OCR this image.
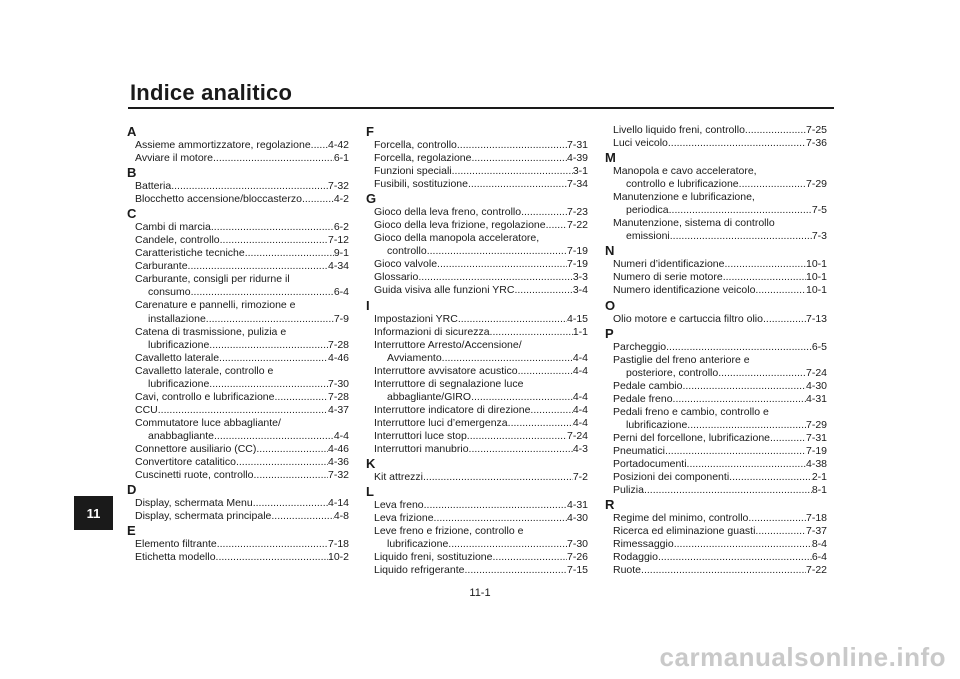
Indice analitico
11
A
Assieme ammortizzatore, regolazione ..... 4-42
Avviare il motore .....	6-1
B
Batteria .....	7-32
Blocchetto accensione/bloccasterzo .....	4-2
C
Cambi di marcia .....	6-2
Candele, controllo .....	7-12
Caratteristiche tecniche .....	9-1
Carburante .....	4-34
Carburante, consigli per ridurne il
consumo .....	6-4
Carenature e pannelli, rimozione e
installazione .....	7-9
Catena di trasmissione, pulizia e
lubrificazione .....	7-28
Cavalletto laterale .....	4-46
Cavalletto laterale, controllo e
lubrificazione .....	7-30
Cavi, controllo e lubrificazione .....	7-28
CCU .....	4-37
Commutatore luce abbagliante/
anabbagliante .....	4-4
Connettore ausiliario (CC) .....	4-46
Convertitore catalitico .....	4-36
Cuscinetti ruote, controllo .....	7-32
D
Display, schermata Menu .....	4-14
Display, schermata principale .....	4-8
E
Elemento filtrante .....	7-18
Etichetta modello .....	10-2
F
Forcella, controllo .....	7-31
Forcella, regolazione .....	4-39
Funzioni speciali .....	3-1
Fusibili, sostituzione .....	7-34
G
Gioco della leva freno, controllo .....	7-23
Gioco della leva frizione, regolazione ..... 7-22
Gioco della manopola acceleratore,
controllo .....	7-19
Gioco valvole .....	7-19
Glossario .....	3-3
Guida visiva alle funzioni YRC .....	3-4
I
Impostazioni YRC .....	4-15
Informazioni di sicurezza .....	1-1
Interruttore Arresto/Accensione/
Avviamento .....	4-4
Interruttore avvisatore acustico .....	4-4
Interruttore di segnalazione luce
abbagliante/GIRO .....	4-4
Interruttore indicatore di direzione .....	4-4
Interruttore luci d’emergenza .....	4-4
Interruttori luce stop .....	7-24
Interruttori manubrio .....	4-3
K
Kit attrezzi .....	7-2
L
Leva freno .....	4-31
Leva frizione .....	4-30
Leve freno e frizione, controllo e
lubrificazione .....	7-30
Liquido freni, sostituzione .....	7-26
Liquido refrigerante .....	7-15
Livello liquido freni, controllo .....	7-25
Luci veicolo .....	7-36
M
Manopola e cavo acceleratore,
controllo e lubrificazione .....	7-29
Manutenzione e lubrificazione,
periodica .....	7-5
Manutenzione, sistema di controllo
emissioni .....	7-3
N
Numeri d’identificazione .....	10-1
Numero di serie motore .....	10-1
Numero identificazione veicolo .....	10-1
O
Olio motore e cartuccia filtro olio .....	7-13
P
Parcheggio .....	6-5
Pastiglie del freno anteriore e
posteriore, controllo .....	7-24
Pedale cambio .....	4-30
Pedale freno .....	4-31
Pedali freno e cambio, controllo e
lubrificazione .....	7-29
Perni del forcellone, lubrificazione .....	7-31
Pneumatici .....	7-19
Portadocumenti .....	4-38
Posizioni dei componenti .....	2-1
Pulizia .....	8-1
R
Regime del minimo, controllo .....	7-18
Ricerca ed eliminazione guasti .....	7-37
Rimessaggio .....	8-4
Rodaggio .....	6-4
Ruote .....	7-22
11-1
carmanualsonline.info
